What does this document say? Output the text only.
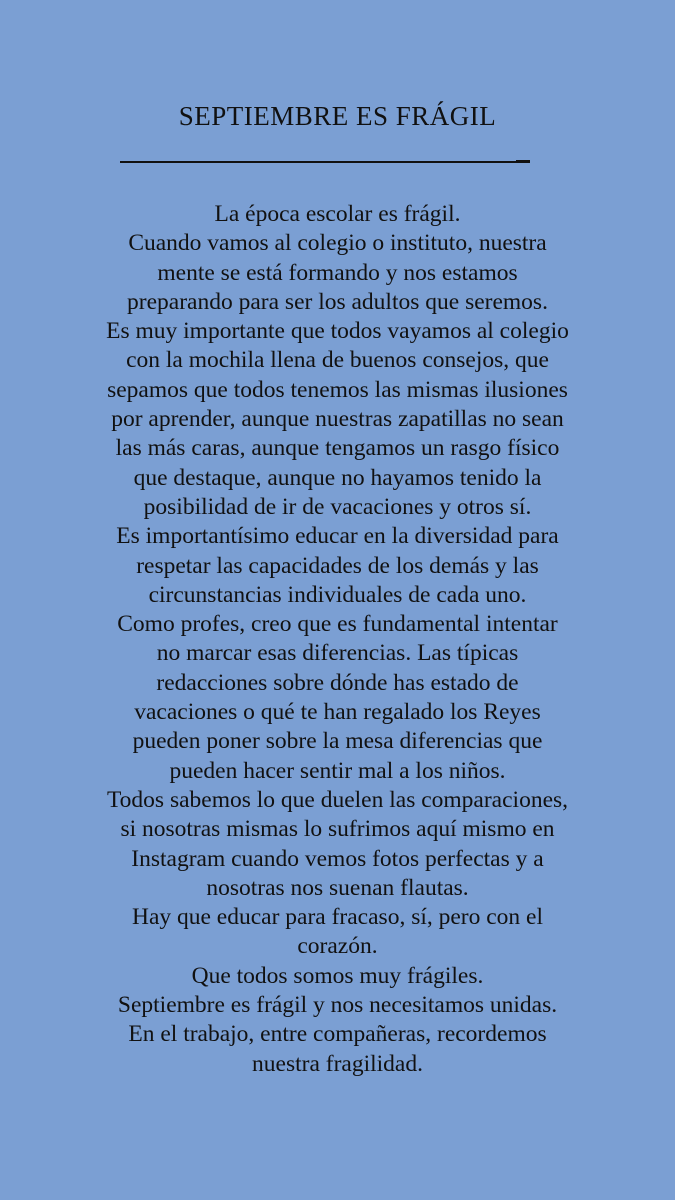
SEPTIEMBRE ES FRÁGIL
La época escolar es frágil.
Cuando vamos al colegio o instituto, nuestra
mente se está formando y nos estamos
preparando para ser los adultos que seremos.
Es muy importante que todos vayamos al colegio
con la mochila llena de buenos consejos, que
sepamos que todos tenemos las mismas ilusiones
por aprender, aunque nuestras zapatillas no sean
las más caras, aunque tengamos un rasgo físico
que destaque, aunque no hayamos tenido la
posibilidad de ir de vacaciones y otros sí.
Es importantísimo educar en la diversidad para
respetar las capacidades de los demás y las
circunstancias individuales de cada uno.
Como profes, creo que es fundamental intentar
no marcar esas diferencias. Las típicas
redacciones sobre dónde has estado de
vacaciones o qué te han regalado los Reyes
pueden poner sobre la mesa diferencias que
pueden hacer sentir mal a los niños.
Todos sabemos lo que duelen las comparaciones,
si nosotras mismas lo sufrimos aquí mismo en
Instagram cuando vemos fotos perfectas y a
nosotras nos suenan flautas.
Hay que educar para fracaso, sí, pero con el
corazón.
Que todos somos muy frágiles.
Septiembre es frágil y nos necesitamos unidas.
En el trabajo, entre compañeras, recordemos
nuestra fragilidad.
